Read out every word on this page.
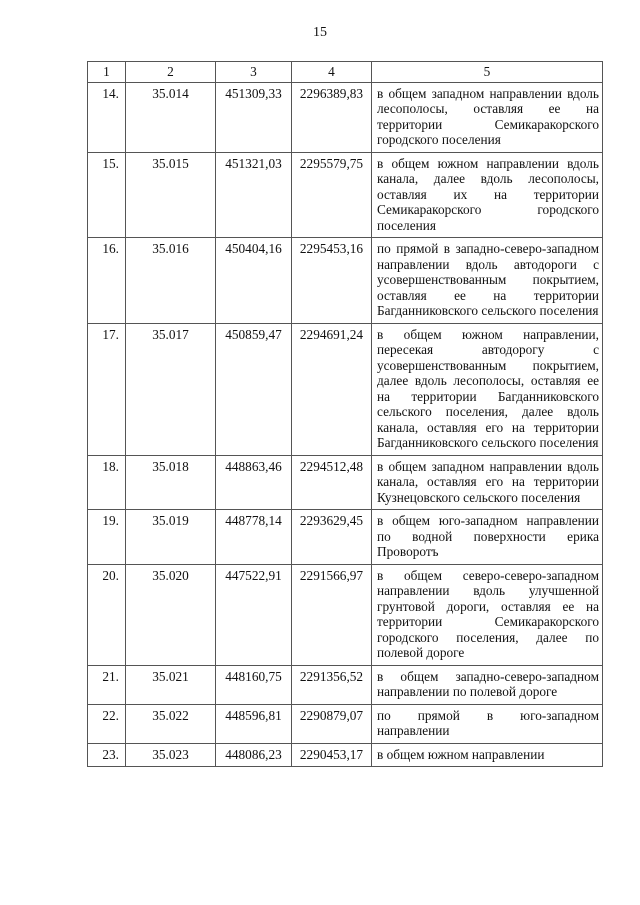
15
1	2	3	4	5
14.	35.014	451309,33	2296389,83	в общем западном направлении вдоль лесополосы, оставляя ее на территории Семикаракорского городского поселения
15.	35.015	451321,03	2295579,75	в общем южном направлении вдоль канала, далее вдоль лесополосы, оставляя их на территории Семикаракорского городского поселения
16.	35.016	450404,16	2295453,16	по прямой в западно-северо-западном направлении вдоль автодороги с усовершенствованным покрытием, оставляя ее на территории Багданниковского сельского поселения
17.	35.017	450859,47	2294691,24	в общем южном направлении, пересекая автодорогу с усовершенствованным покрытием, далее вдоль лесополосы, оставляя ее на территории Багданниковского сельского поселения, далее вдоль канала, оставляя его на территории Багданниковского сельского поселения
18.	35.018	448863,46	2294512,48	в общем западном направлении вдоль канала, оставляя его на территории Кузнецовского сельского поселения
19.	35.019	448778,14	2293629,45	в общем юго-западном направлении по водной поверхности ерика Проворотъ
20.	35.020	447522,91	2291566,97	в общем северо-северо-западном направлении вдоль улучшенной грунтовой дороги, оставляя ее на территории Семикаракорского городского поселения, далее по полевой дороге
21.	35.021	448160,75	2291356,52	в общем западно-северо-западном направлении по полевой дороге
22.	35.022	448596,81	2290879,07	по прямой в юго-западном направлении
23.	35.023	448086,23	2290453,17	в общем южном направлении
